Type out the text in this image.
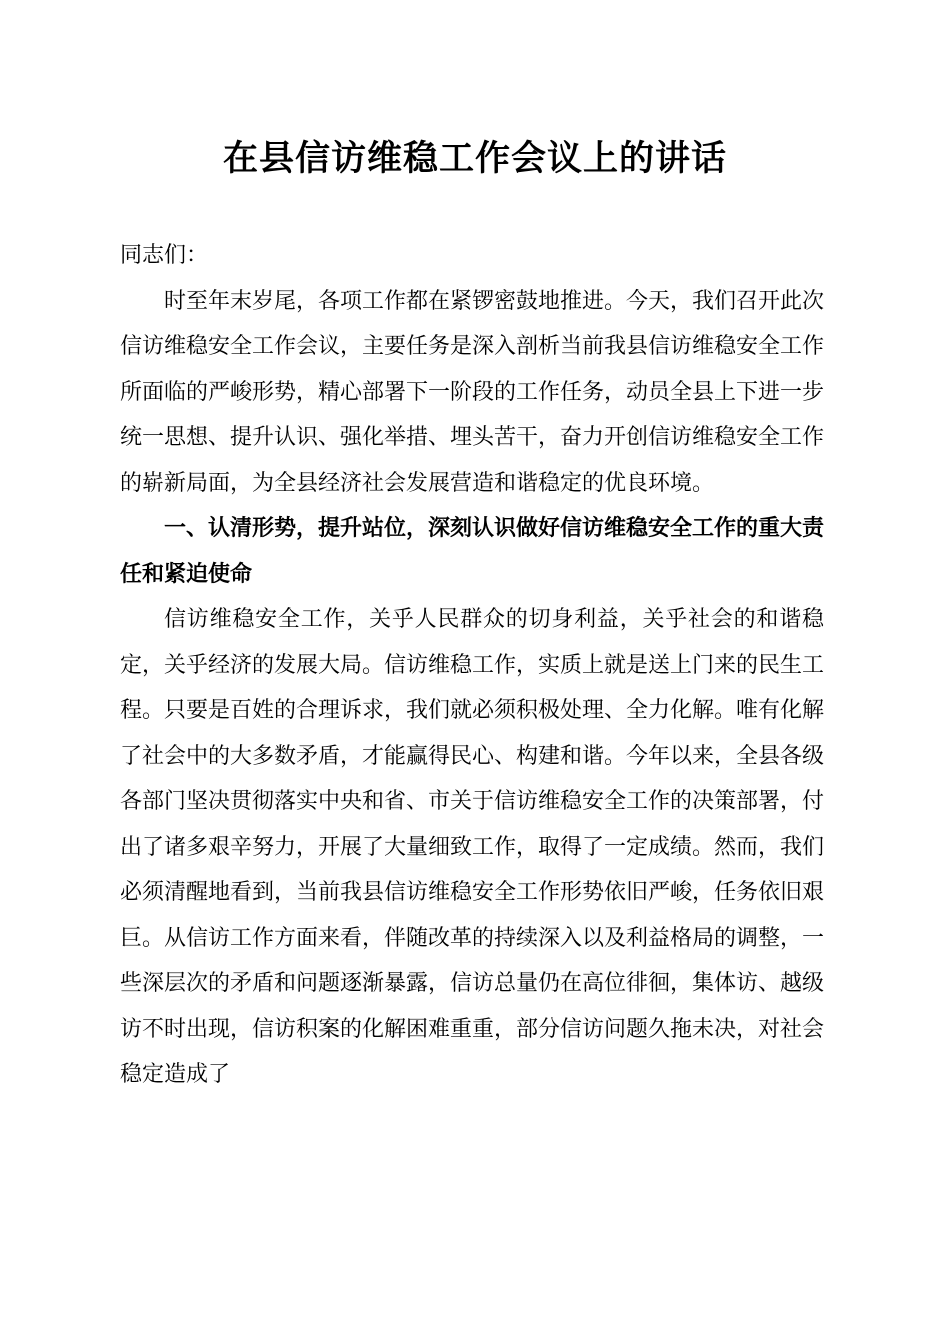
在县信访维稳工作会议上的讲话

同志们：

时至年末岁尾，各项工作都在紧锣密鼓地推进。今天，我们召开此次信访维稳安全工作会议，主要任务是深入剖析当前我县信访维稳安全工作所面临的严峻形势，精心部署下一阶段的工作任务，动员全县上下进一步统一思想、提升认识、强化举措、埋头苦干，奋力开创信访维稳安全工作的崭新局面，为全县经济社会发展营造和谐稳定的优良环境。

一、认清形势，提升站位，深刻认识做好信访维稳安全工作的重大责任和紧迫使命

信访维稳安全工作，关乎人民群众的切身利益，关乎社会的和谐稳定，关乎经济的发展大局。信访维稳工作，实质上就是送上门来的民生工程。只要是百姓的合理诉求，我们就必须积极处理、全力化解。唯有化解了社会中的大多数矛盾，才能赢得民心、构建和谐。今年以来，全县各级各部门坚决贯彻落实中央和省、市关于信访维稳安全工作的决策部署，付出了诸多艰辛努力，开展了大量细致工作，取得了一定成绩。然而，我们必须清醒地看到，当前我县信访维稳安全工作形势依旧严峻，任务依旧艰巨。从信访工作方面来看，伴随改革的持续深入以及利益格局的调整，一些深层次的矛盾和问题逐渐暴露，信访总量仍在高位徘徊，集体访、越级访不时出现，信访积案的化解困难重重，部分信访问题久拖未决，对社会稳定造成了
